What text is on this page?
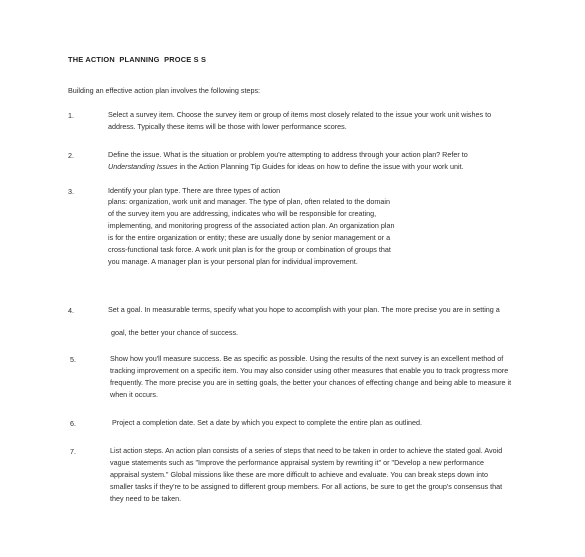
THE ACTION  PLANNING  PROCE S S
Building an effective action plan involves the following steps:
1.	Select a survey item. Choose the survey item or group of items most closely related to the issue your work unit wishes to
address. Typically these items will be those with lower performance scores.
2.	Define the issue. What is the situation or problem you're attempting to address through your action plan? Refer to
Understanding Issues in the Action Planning Tip Guides for ideas on how to define the issue with your work unit.
3.	Identify your plan type. There are three types of action
plans: organization, work unit and manager. The type of plan, often related to the domain
of the survey item you are addressing, indicates who will be responsible for creating,
implementing, and monitoring progress of the associated action plan. An organization plan
is for the entire organization or entity; these are usually done by senior management or a
cross-functional task force. A work unit plan is for the group or combination of groups that
you manage. A manager plan is your personal plan for individual improvement.
4.	Set a goal. In measurable terms, specify what you hope to accomplish with your plan. The more precise you are in setting a
goal, the better your chance of success.
5.	Show how you'll measure success. Be as specific as possible. Using the results of the next survey is an excellent method of
tracking improvement on a specific item. You may also consider using other measures that enable you to track progress more
frequently. The more precise you are in setting goals, the better your chances of effecting change and being able to measure it
when it occurs.
6.	Project a completion date. Set a date by which you expect to complete the entire plan as outlined.
7.	List action steps. An action plan consists of a series of steps that need to be taken in order to achieve the stated goal. Avoid
vague statements such as "Improve the performance appraisal system by rewriting it" or "Develop a new performance
appraisal system." Global missions like these are more difficult to achieve and evaluate. You can break steps down into
smaller tasks if they're to be assigned to different group members. For all actions, be sure to get the group's consensus that
they need to be taken.
